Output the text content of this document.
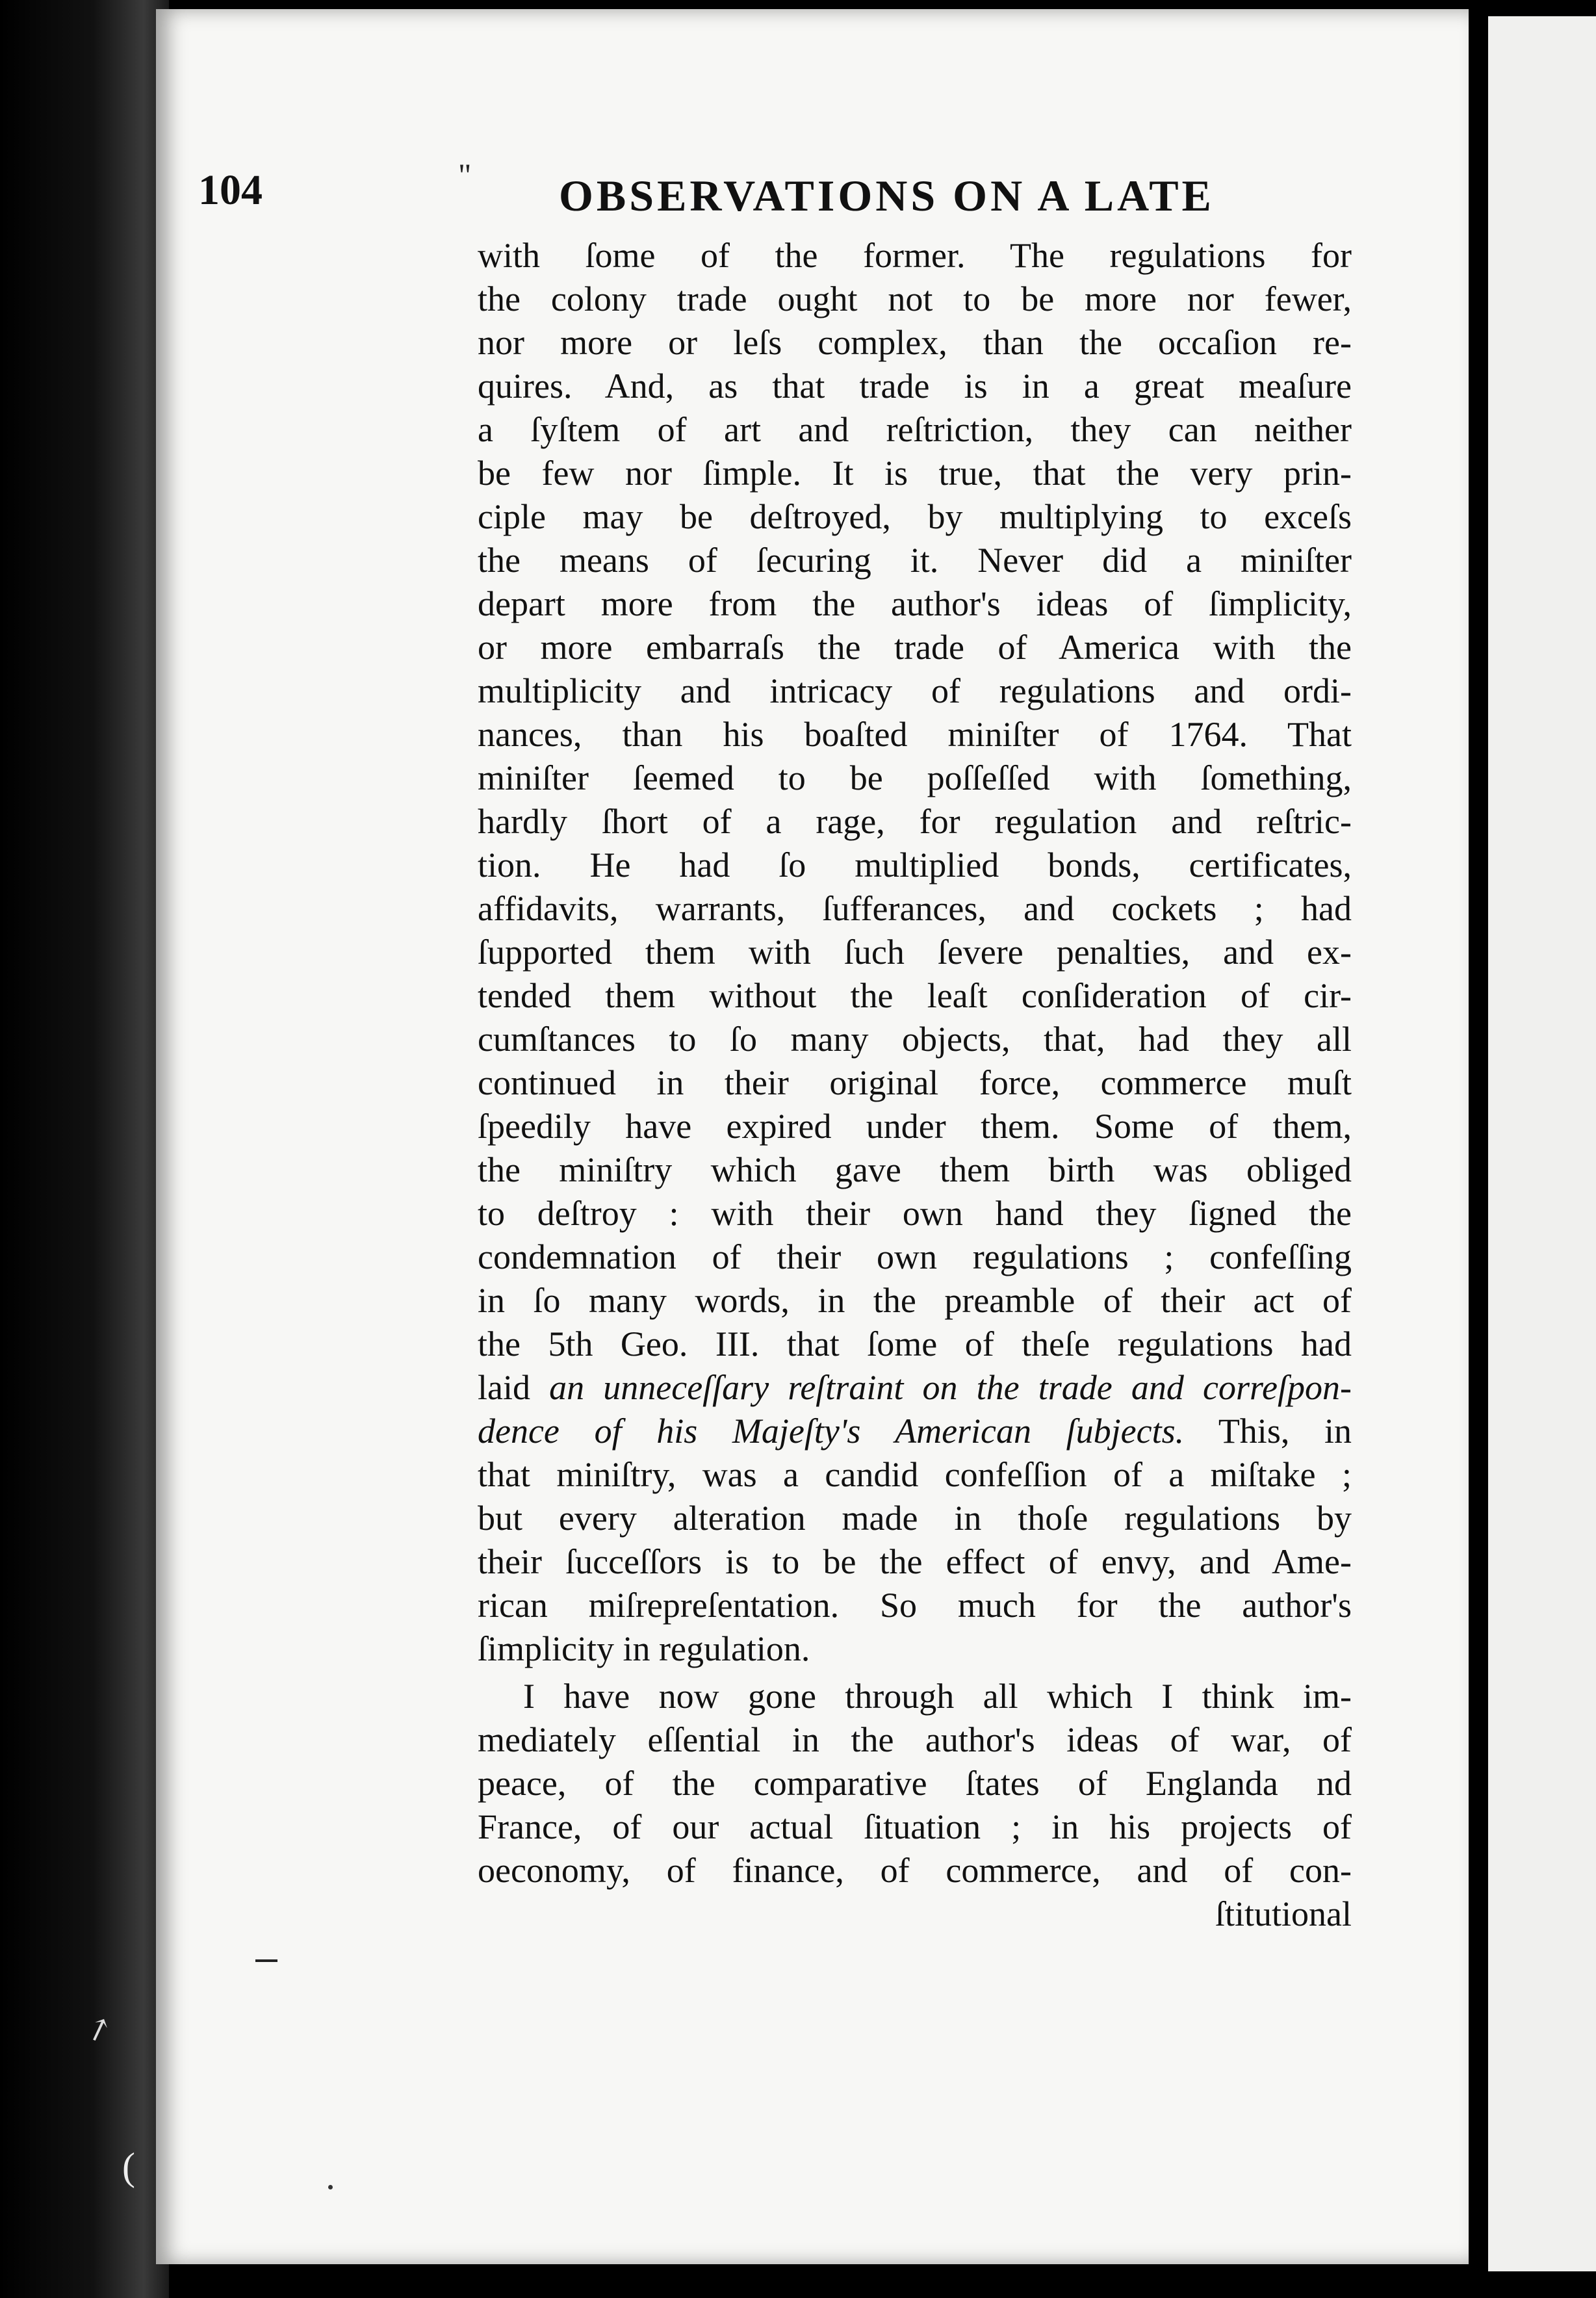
104	" OBSERVATIONS ON A LATE
with ſome of the former. The regulations for
the colony trade ought not to be more nor fewer,
nor more or leſs complex, than the occaſion re-
quires. And, as that trade is in a great meaſure
a ſyſtem of art and reſtriction, they can neither
be few nor ſimple. It is true, that the very prin-
ciple may be deſtroyed, by multiplying to exceſs
the means of ſecuring it. Never did a miniſter
depart more from the author's ideas of ſimplicity,
or more embarraſs the trade of America with the
multiplicity and intricacy of regulations and ordi-
nances, than his boaſted miniſter of 1764. That
miniſter ſeemed to be poſſeſſed with ſomething,
hardly ſhort of a rage, for regulation and reſtric-
tion. He had ſo multiplied bonds, certificates,
affidavits, warrants, ſufferances, and cockets ; had
ſupported them with ſuch ſevere penalties, and ex-
tended them without the leaſt conſideration of cir-
cumſtances to ſo many objects, that, had they all
continued in their original force, commerce muſt
ſpeedily have expired under them. Some of them,
the miniſtry which gave them birth was obliged
to deſtroy : with their own hand they ſigned the
condemnation of their own regulations ; confeſſing
in ſo many words, in the preamble of their act of
the 5th Geo. III. that ſome of theſe regulations had
laid an unneceſſary reſtraint on the trade and correſpon-
dence of his Majeſty's American ſubjects. This, in
that miniſtry, was a candid confeſſion of a miſtake ;
but every alteration made in thoſe regulations by
their ſucceſſors is to be the effect of envy, and Ame-
rican miſrepreſentation. So much for the author's
ſimplicity in regulation.
I have now gone through all which I think im-
mediately eſſential in the author's ideas of war, of
peace, of the comparative ſtates of Englanda nd
France, of our actual ſituation ; in his projects of
oeconomy, of finance, of commerce, and of con-
ſtitutional
↗
(
